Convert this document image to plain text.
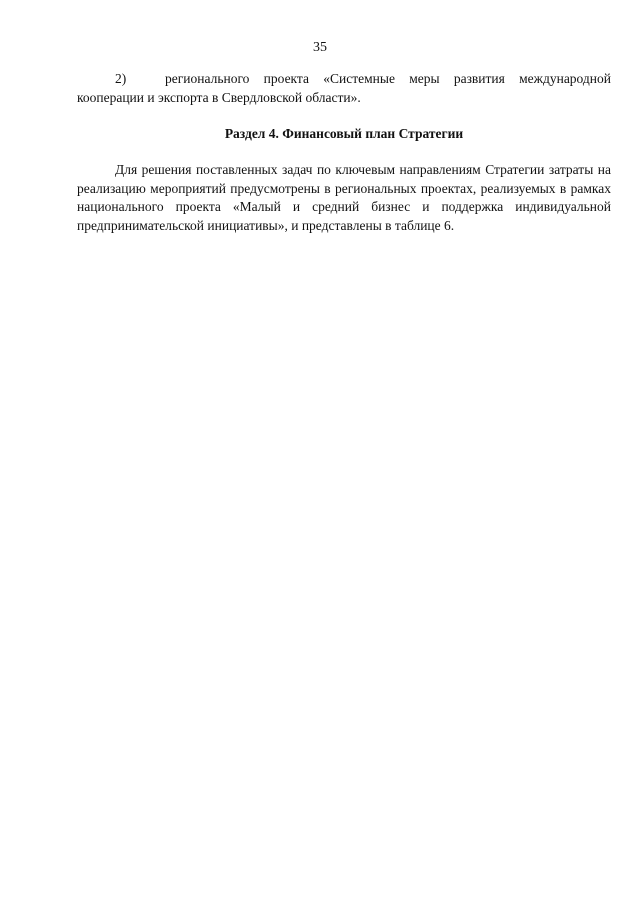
35

2)	регионального проекта «Системные меры развития международной кооперации и экспорта в Свердловской области».

Раздел 4. Финансовый план Стратегии

Для решения поставленных задач по ключевым направлениям Стратегии затраты на реализацию мероприятий предусмотрены в региональных проектах, реализуемых в рамках национального проекта «Малый и средний бизнес и поддержка индивидуальной предпринимательской инициативы», и представлены в таблице 6.
